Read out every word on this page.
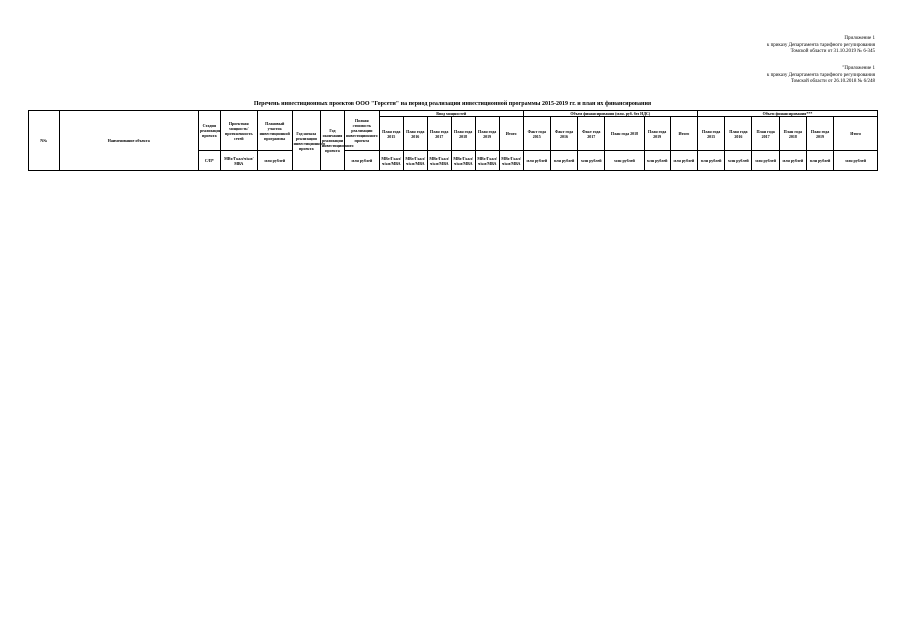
Приложение 1
к приказу Департамента тарифного регулирования
Томской области от 31.10.2019 № 6-345
"Приложение 1
к приказу Департамента тарифного регулирования
Томской области от 26.10.2018 № 6/248
Перечень инвестиционных проектов ООО "Горсети" на период реализации инвестиционной программы 2015-2019 гг. и план их финансирования
N№	Наименование объекта	Стадия реализации проекта	Проектная мощность/ протяженность сетей	Плановый участок инвестиционной программы	Год начала реализации инвестиционного проекта	Год окончания реализации инвестиционного проекта	Полная стоимость реализации инвестиционного проекта	Ввод мощностей						Объем финансирования (млн. руб. без НДС)						Объем финансирования***					
								План года 2015	План года 2016	План года 2017	План года 2018	План года 2019	Итого	Факт года 2015	Факт года 2016	Факт года 2017	План года 2018	План года 2019	Итого	План года 2015	План года 2016	План года 2017	План года 2018	План года 2019	Итого
		С/П*	МВт/Гкал/ч/км/МВА	млн рублей			млн рублей	МВт/Гкал/ч/км/МВА	МВт/Гкал/ч/км/МВА	МВт/Гкал/ч/км/МВА	МВт/Гкал/ч/км/МВА	МВт/Гкал/ч/км/МВА	МВт/Гкал/ч/км/МВА	млн рублей	млн рублей	млн рублей	млн рублей	млн рублей	млн рублей	млн рублей	млн рублей	млн рублей	млн рублей	млн рублей	млн рублей
